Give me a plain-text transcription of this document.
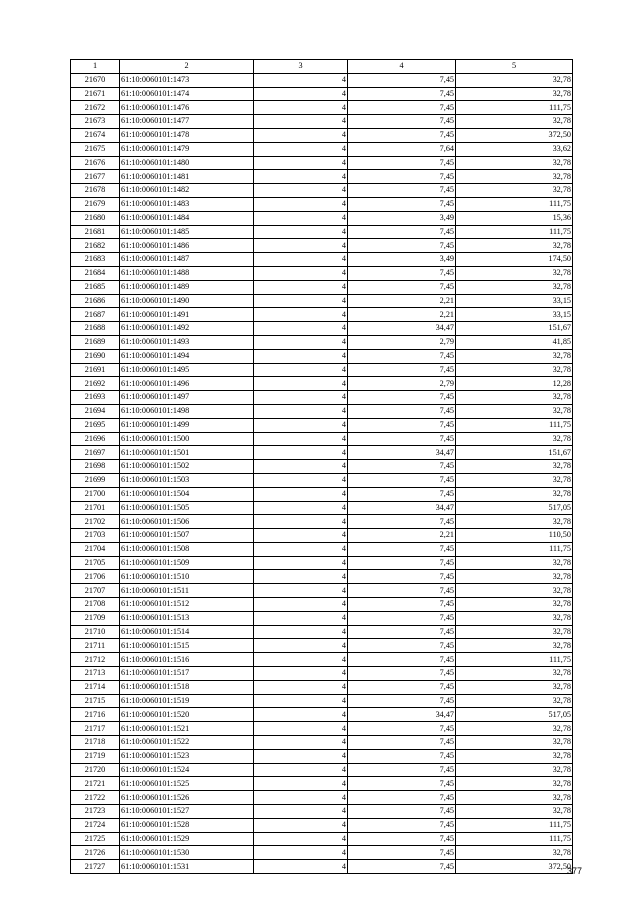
1	2	3	4	5
21670	61:10:0060101:1473	4	7,45	32,78
21671	61:10:0060101:1474	4	7,45	32,78
21672	61:10:0060101:1476	4	7,45	111,75
21673	61:10:0060101:1477	4	7,45	32,78
21674	61:10:0060101:1478	4	7,45	372,50
21675	61:10:0060101:1479	4	7,64	33,62
21676	61:10:0060101:1480	4	7,45	32,78
21677	61:10:0060101:1481	4	7,45	32,78
21678	61:10:0060101:1482	4	7,45	32,78
21679	61:10:0060101:1483	4	7,45	111,75
21680	61:10:0060101:1484	4	3,49	15,36
21681	61:10:0060101:1485	4	7,45	111,75
21682	61:10:0060101:1486	4	7,45	32,78
21683	61:10:0060101:1487	4	3,49	174,50
21684	61:10:0060101:1488	4	7,45	32,78
21685	61:10:0060101:1489	4	7,45	32,78
21686	61:10:0060101:1490	4	2,21	33,15
21687	61:10:0060101:1491	4	2,21	33,15
21688	61:10:0060101:1492	4	34,47	151,67
21689	61:10:0060101:1493	4	2,79	41,85
21690	61:10:0060101:1494	4	7,45	32,78
21691	61:10:0060101:1495	4	7,45	32,78
21692	61:10:0060101:1496	4	2,79	12,28
21693	61:10:0060101:1497	4	7,45	32,78
21694	61:10:0060101:1498	4	7,45	32,78
21695	61:10:0060101:1499	4	7,45	111,75
21696	61:10:0060101:1500	4	7,45	32,78
21697	61:10:0060101:1501	4	34,47	151,67
21698	61:10:0060101:1502	4	7,45	32,78
21699	61:10:0060101:1503	4	7,45	32,78
21700	61:10:0060101:1504	4	7,45	32,78
21701	61:10:0060101:1505	4	34,47	517,05
21702	61:10:0060101:1506	4	7,45	32,78
21703	61:10:0060101:1507	4	2,21	110,50
21704	61:10:0060101:1508	4	7,45	111,75
21705	61:10:0060101:1509	4	7,45	32,78
21706	61:10:0060101:1510	4	7,45	32,78
21707	61:10:0060101:1511	4	7,45	32,78
21708	61:10:0060101:1512	4	7,45	32,78
21709	61:10:0060101:1513	4	7,45	32,78
21710	61:10:0060101:1514	4	7,45	32,78
21711	61:10:0060101:1515	4	7,45	32,78
21712	61:10:0060101:1516	4	7,45	111,75
21713	61:10:0060101:1517	4	7,45	32,78
21714	61:10:0060101:1518	4	7,45	32,78
21715	61:10:0060101:1519	4	7,45	32,78
21716	61:10:0060101:1520	4	34,47	517,05
21717	61:10:0060101:1521	4	7,45	32,78
21718	61:10:0060101:1522	4	7,45	32,78
21719	61:10:0060101:1523	4	7,45	32,78
21720	61:10:0060101:1524	4	7,45	32,78
21721	61:10:0060101:1525	4	7,45	32,78
21722	61:10:0060101:1526	4	7,45	32,78
21723	61:10:0060101:1527	4	7,45	32,78
21724	61:10:0060101:1528	4	7,45	111,75
21725	61:10:0060101:1529	4	7,45	111,75
21726	61:10:0060101:1530	4	7,45	32,78
21727	61:10:0060101:1531	4	7,45	372,50
377
